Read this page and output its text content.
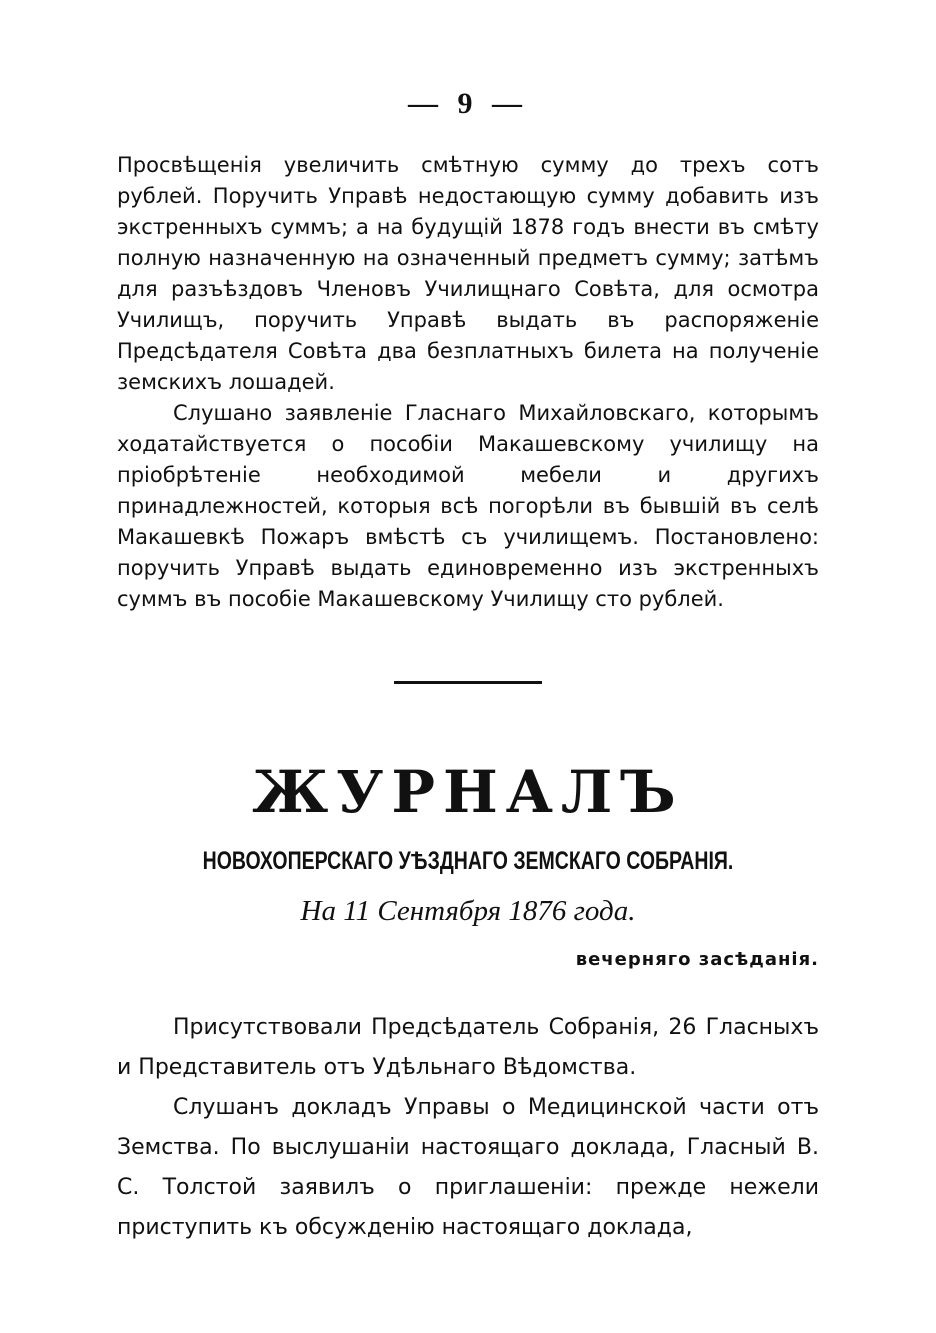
— 9 —

Просвѣщенія увеличить смѣтную сумму до трехъ сотъ рублей. Поручить Управѣ недостающую сумму добавить изъ экстренныхъ суммъ; а на будущій 1878 годъ внести въ смѣту полную назначенную на означенный предметъ сумму; затѣмъ для разъѣздовъ Членовъ Училищнаго Совѣта, для осмотра Училищъ, поручить Управѣ выдать въ распоряженіе Предсѣдателя Совѣта два безплатныхъ билета на полученіе земскихъ лошадей.

Слушано заявленіе Гласнаго Михайловскаго, которымъ ходатайствуется о пособіи Макашевскому училищу на пріобрѣтеніе необходимой мебели и другихъ принадлежностей, которыя всѣ погорѣли въ бывшій въ селѣ Макашевкѣ Пожаръ вмѣстѣ съ училищемъ. Постановлено: поручить Управѣ выдать единовременно изъ экстренныхъ суммъ въ пособіе Макашевскому Училищу сто рублей.

ЖУРНАЛЪ
НОВОХОПЕРСКАГО УѢЗДНАГО ЗЕМСКАГО СОБРАНІЯ.
На 11 Сентября 1876 года.
вечерняго засѣданія.

Присутствовали Предсѣдатель Собранія, 26 Гласныхъ и Представитель отъ Удѣльнаго Вѣдомства.

Слушанъ докладъ Управы о Медицинской части отъ Земства. По выслушаніи настоящаго доклада, Гласный В. С. Толстой заявилъ о приглашеніи: прежде нежели приступить къ обсужденію настоящаго доклада,
